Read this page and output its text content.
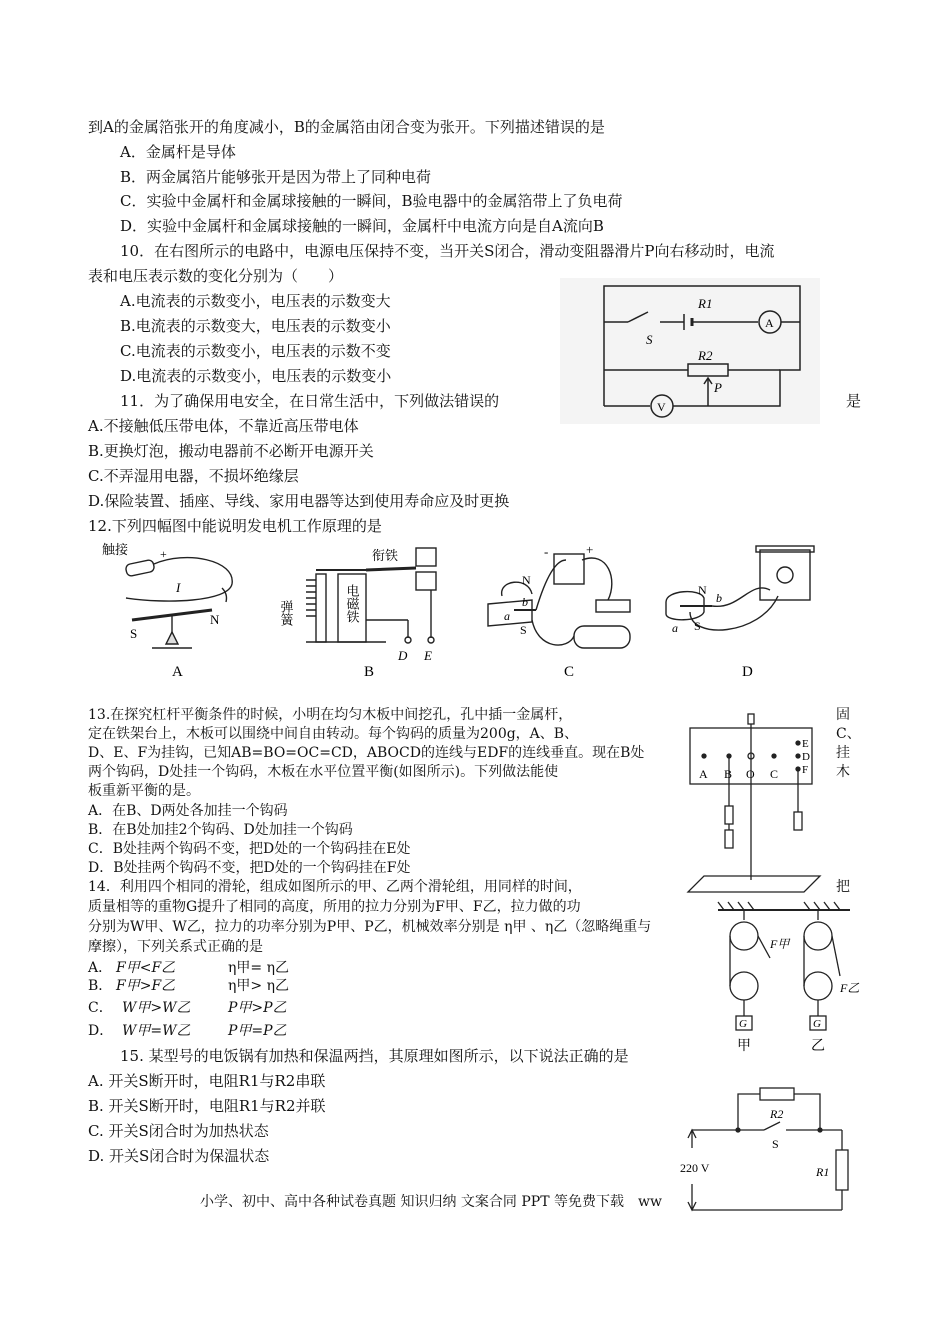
到A的金属箔张开的角度减小，B的金属箔由闭合变为张开。下列描述错误的是
A．金属杆是导体
B．两金属箔片能够张开是因为带上了同种电荷
C．实验中金属杆和金属球接触的一瞬间，B验电器中的金属箔带上了负电荷
D．实验中金属杆和金属球接触的一瞬间，金属杆中电流方向是自A流向B
10．在右图所示的电路中，电源电压保持不变，当开关S闭合，滑动变阻器滑片P向右移动时，电流
表和电压表示数的变化分别为（　　）
A.电流表的示数变小，电压表的示数变大
B.电流表的示数变大，电压表的示数变小
C.电流表的示数变小，电压表的示数不变
D.电流表的示数变小，电压表的示数变小
R1
S
A
R2
P
V
11．为了确保用电安全，在日常生活中，下列做法错误的	是
A.不接触低压带电体，不靠近高压带电体
B.更换灯泡，搬动电器前不必断开电源开关
C.不弄湿用电器，不损坏绝缘层
D.保险装置、插座、导线、家用电器等达到使用寿命应及时更换
12.下列四幅图中能说明发电机工作原理的是
触接	+
I
S
N
A
衔铁
弹簧	电磁铁
D E
B
-	+
N
S
a
b
C
N
S
a
b
D
13.在探究杠杆平衡条件的时候，小明在均匀木板中间挖孔，孔中插一金属杆，
定在铁架台上，木板可以围绕中间自由转动。每个钩码的质量为200g，A、B、
D、E、F为挂钩，已知AB=BO=OC=CD，ABOCD的连线与EDF的连线垂直。现在B处
两个钩码，D处挂一个钩码，木板在水平位置平衡(如图所示)。下列做法能使
板重新平衡的是。
固
C、
挂
木
A．在B、D两处各加挂一个钩码
B．在B处加挂2个钩码、D处加挂一个钩码
C．B处挂两个钩码不变，把D处的一个钩码挂在E处
D．B处挂两个钩码不变，把D处的一个钩码挂在F处
A B O C
E
D
F
14．利用四个相同的滑轮，组成如图所示的甲、乙两个滑轮组，用同样的时间，	把
质量相等的重物G提升了相同的高度，所用的拉力分别为F甲、F乙，拉力做的功
分别为W甲、W乙，拉力的功率分别为P甲、P乙，机械效率分别是 η甲 、η乙（忽略绳重与
摩擦），下列关系式正确的是
A． F甲<F乙	η甲= η乙
B． F甲>F乙	η甲> η乙
C． W甲>W乙	P甲>P乙
D． W甲=W乙	P甲=P乙
F甲
F乙
G	G
甲	乙
15. 某型号的电饭锅有加热和保温两挡，其原理如图所示，以下说法正确的是
A. 开关S断开时，电阻R1与R2串联
B. 开关S断开时，电阻R1与R2并联
C. 开关S闭合时为加热状态
D. 开关S闭合时为保温状态
R2
S
220 V	R1
小学、初中、高中各种试卷真题 知识归纳 文案合同 PPT 等免费下载　ww
